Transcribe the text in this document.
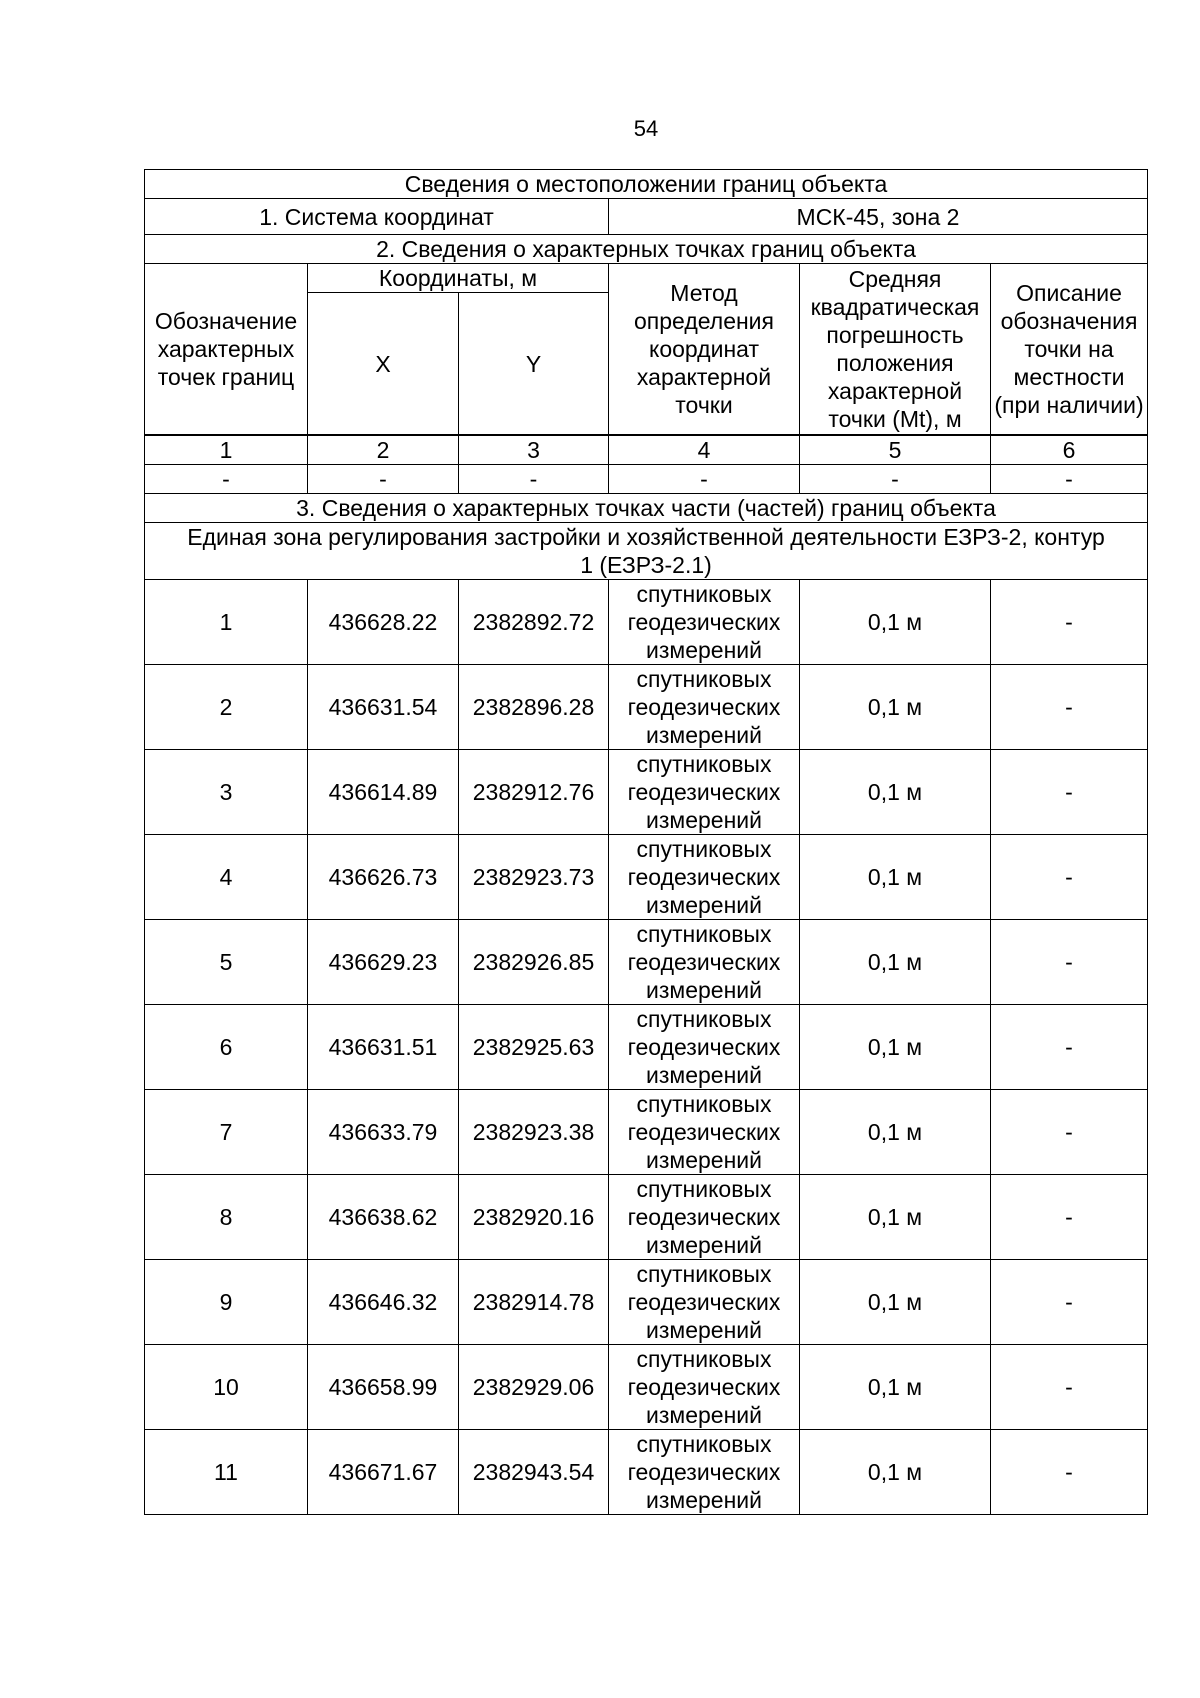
54
Сведения о местоположении границ объекта					
1. Система координат			МСК-45, зона 2		
2. Сведения о характерных точках границ объекта					
Обозначение характерных точек границ	Координаты, м		Метод определения координат характерной точки	Средняя квадратическая погрешность положения характерной точки (Mt), м	Описание обозначения точки на местности (при наличии)
	X	Y			
1	2	3	4	5	6
-	-	-	-	-	-
3. Сведения о характерных точках части (частей) границ объекта					
Единая зона регулирования застройки и хозяйственной деятельности ЕЗРЗ-2, контур 1 (ЕЗРЗ-2.1)					
1	436628.22	2382892.72	спутниковых геодезических измерений	0,1 м	-
2	436631.54	2382896.28	спутниковых геодезических измерений	0,1 м	-
3	436614.89	2382912.76	спутниковых геодезических измерений	0,1 м	-
4	436626.73	2382923.73	спутниковых геодезических измерений	0,1 м	-
5	436629.23	2382926.85	спутниковых геодезических измерений	0,1 м	-
6	436631.51	2382925.63	спутниковых геодезических измерений	0,1 м	-
7	436633.79	2382923.38	спутниковых геодезических измерений	0,1 м	-
8	436638.62	2382920.16	спутниковых геодезических измерений	0,1 м	-
9	436646.32	2382914.78	спутниковых геодезических измерений	0,1 м	-
10	436658.99	2382929.06	спутниковых геодезических измерений	0,1 м	-
11	436671.67	2382943.54	спутниковых геодезических измерений	0,1 м	-
